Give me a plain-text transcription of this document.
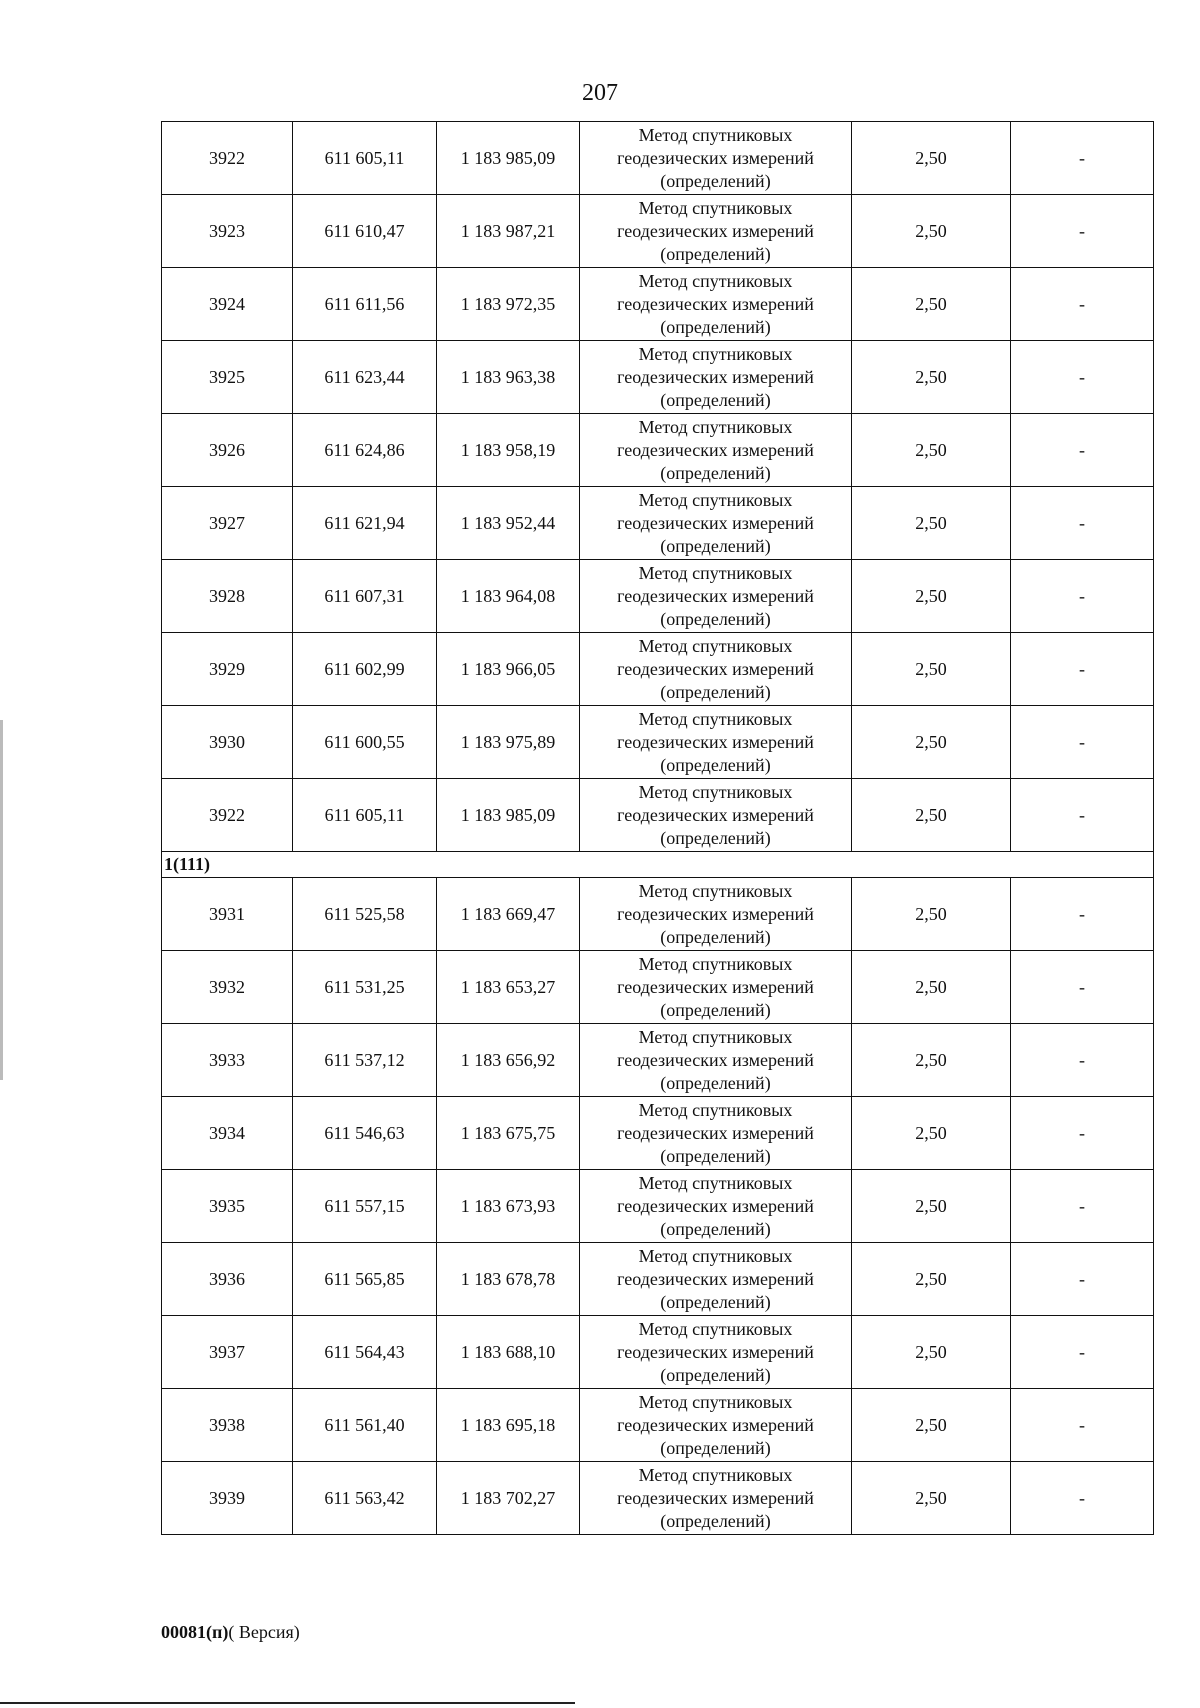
207
3922	611 605,11	1 183 985,09	Метод спутниковых
геодезических измерений
(определений)	2,50	-
3923	611 610,47	1 183 987,21	Метод спутниковых
геодезических измерений
(определений)	2,50	-
3924	611 611,56	1 183 972,35	Метод спутниковых
геодезических измерений
(определений)	2,50	-
3925	611 623,44	1 183 963,38	Метод спутниковых
геодезических измерений
(определений)	2,50	-
3926	611 624,86	1 183 958,19	Метод спутниковых
геодезических измерений
(определений)	2,50	-
3927	611 621,94	1 183 952,44	Метод спутниковых
геодезических измерений
(определений)	2,50	-
3928	611 607,31	1 183 964,08	Метод спутниковых
геодезических измерений
(определений)	2,50	-
3929	611 602,99	1 183 966,05	Метод спутниковых
геодезических измерений
(определений)	2,50	-
3930	611 600,55	1 183 975,89	Метод спутниковых
геодезических измерений
(определений)	2,50	-
3922	611 605,11	1 183 985,09	Метод спутниковых
геодезических измерений
(определений)	2,50	-
1(111)					
3931	611 525,58	1 183 669,47	Метод спутниковых
геодезических измерений
(определений)	2,50	-
3932	611 531,25	1 183 653,27	Метод спутниковых
геодезических измерений
(определений)	2,50	-
3933	611 537,12	1 183 656,92	Метод спутниковых
геодезических измерений
(определений)	2,50	-
3934	611 546,63	1 183 675,75	Метод спутниковых
геодезических измерений
(определений)	2,50	-
3935	611 557,15	1 183 673,93	Метод спутниковых
геодезических измерений
(определений)	2,50	-
3936	611 565,85	1 183 678,78	Метод спутниковых
геодезических измерений
(определений)	2,50	-
3937	611 564,43	1 183 688,10	Метод спутниковых
геодезических измерений
(определений)	2,50	-
3938	611 561,40	1 183 695,18	Метод спутниковых
геодезических измерений
(определений)	2,50	-
3939	611 563,42	1 183 702,27	Метод спутниковых
геодезических измерений
(определений)	2,50	-
00081(п)( Версия)
